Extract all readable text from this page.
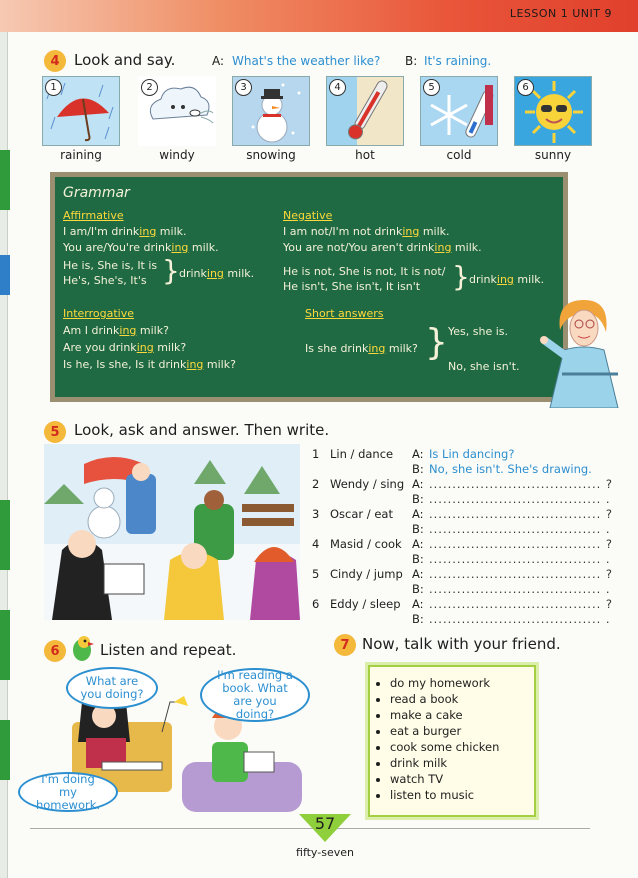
LESSON 1 UNIT 9
4 Look and say.	A: What's the weather like? B: It's raining.
1
raining
2
windy
3
snowing
4
hot
5
cold
6
sunny
Grammar
Affirmative
I am/I'm drinking milk.
You are/You're drinking milk.
He is, She is, It is
He's, She's, It's } drinking milk.
Negative
I am not/I'm not drinking milk.
You are not/You aren't drinking milk.
He is not, She is not, It is not/
He isn't, She isn't, It isn't } drinking milk.
Interrogative
Am I drinking milk?
Are you drinking milk?
Is he, Is she, Is it drinking milk?
Short answers
Is she drinking milk? } Yes, she is.
No, she isn't.
5 Look, ask and answer. Then write.
1 Lin / dance A: Is Lin dancing?
B: No, she isn't. She's drawing.
2 Wendy / sing A: ..................................... ?
B: ..................................... .
3 Oscar / eat A: ..................................... ?
B: ..................................... .
4 Masid / cook A: ..................................... ?
B: ..................................... .
5 Cindy / jump A: ..................................... ?
B: ..................................... .
6 Eddy / sleep A: ..................................... ?
B: ..................................... .
6	Listen and repeat.
What are you doing?
I'm reading a book. What are you doing?
I'm doing my homework.
7 Now, talk with your friend.
• do my homework
• read a book
• make a cake
• eat a burger
• cook some chicken
• drink milk
• watch TV
• listen to music
57
fifty-seven
